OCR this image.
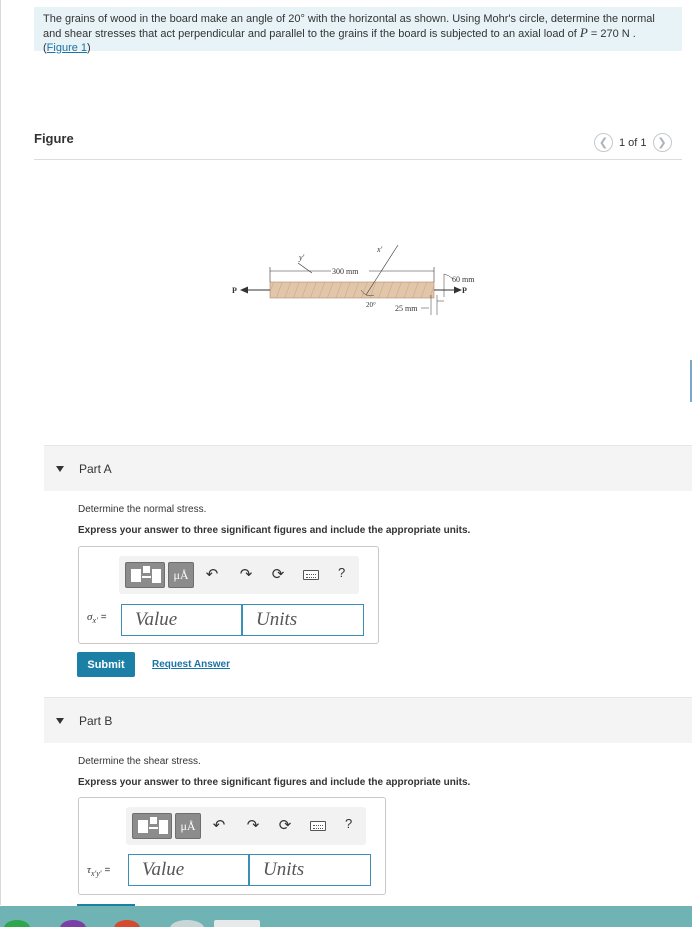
The grains of wood in the board make an angle of 20° with the horizontal as shown. Using Mohr's circle, determine the normal and shear stresses that act perpendicular and parallel to the grains if the board is subjected to an axial load of P = 270 N . (Figure 1)
Figure	❮ 1 of 1 ❯
300 mm
y'
x'
20° 25 mm
60 mm
P	P
Part A
Determine the normal stress.
Express your answer to three significant figures and include the appropriate units.
μÅ	↶ ↷ ⟳	?
$\sigma_{x'}$ =	Value	Units
Submit	Request Answer
Part B
Determine the shear stress.
Express your answer to three significant figures and include the appropriate units.
μÅ	↶ ↷ ⟳	?
$\tau_{x'y'}$ =	Value	Units
